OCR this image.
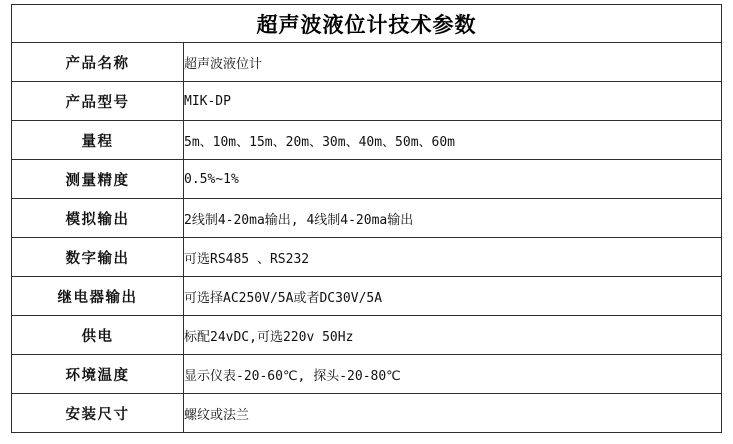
超声波液位计技术参数	
产品名称	超声波液位计

产品型号	MIK-DP

量程	5m、10m、15m、20m、30m、40m、50m、60m

测量精度	0.5%~1%

模拟输出	2线制4-20ma输出, 4线制4-20ma输出

数字输出	可选RS485 、RS232

继电器输出	可选择AC250V/5A或者DC30V/5A

供电	标配24vDC,可选220v 50Hz

环境温度	显示仪表-20-60℃, 探头-20-80℃

安装尺寸	螺纹或法兰
